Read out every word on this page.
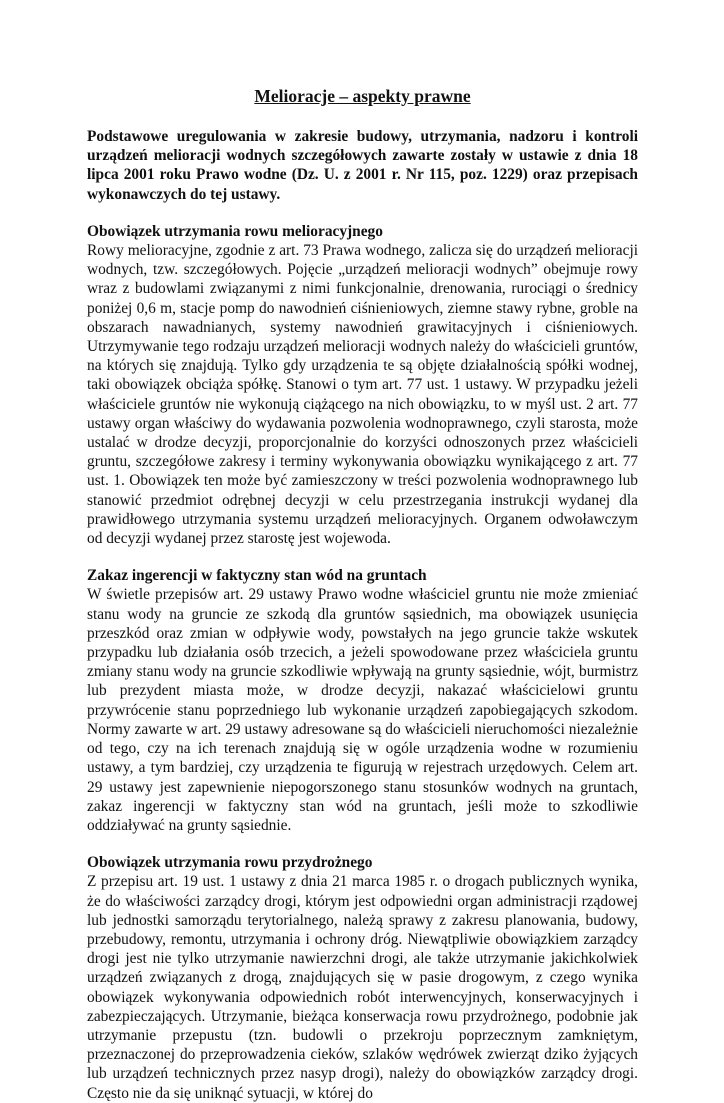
Melioracje – aspekty prawne

Podstawowe uregulowania w zakresie budowy, utrzymania, nadzoru i kontroli urządzeń melioracji wodnych szczegółowych zawarte zostały w ustawie z dnia 18 lipca 2001 roku Prawo wodne (Dz. U. z 2001 r. Nr 115, poz. 1229) oraz przepisach wykonawczych do tej ustawy.

Obowiązek utrzymania rowu melioracyjnego

Rowy melioracyjne, zgodnie z art. 73 Prawa wodnego, zalicza się do urządzeń melioracji wodnych, tzw. szczegółowych. Pojęcie „urządzeń melioracji wodnych” obejmuje rowy wraz z budowlami związanymi z nimi funkcjonalnie, drenowania, rurociągi o średnicy poniżej 0,6 m, stacje pomp do nawodnień ciśnieniowych, ziemne stawy rybne, groble na obszarach nawadnianych, systemy nawodnień grawitacyjnych i ciśnieniowych. Utrzymywanie tego rodzaju urządzeń melioracji wodnych należy do właścicieli gruntów, na których się znajdują. Tylko gdy urządzenia te są objęte działalnością spółki wodnej, taki obowiązek obciąża spółkę. Stanowi o tym art. 77 ust. 1 ustawy. W przypadku jeżeli właściciele gruntów nie wykonują ciążącego na nich obowiązku, to w myśl ust. 2 art. 77 ustawy organ właściwy do wydawania pozwolenia wodnoprawnego, czyli starosta, może ustalać w drodze decyzji, proporcjonalnie do korzyści odnoszonych przez właścicieli gruntu, szczegółowe zakresy i terminy wykonywania obowiązku wynikającego z art. 77 ust. 1. Obowiązek ten może być zamieszczony w treści pozwolenia wodnoprawnego lub stanowić przedmiot odrębnej decyzji w celu przestrzegania instrukcji wydanej dla prawidłowego utrzymania systemu urządzeń melioracyjnych. Organem odwoławczym od decyzji wydanej przez starostę jest wojewoda.

Zakaz ingerencji w faktyczny stan wód na gruntach

W świetle przepisów art. 29 ustawy Prawo wodne właściciel gruntu nie może zmieniać stanu wody na gruncie ze szkodą dla gruntów sąsiednich, ma obowiązek usunięcia przeszkód oraz zmian w odpływie wody, powstałych na jego gruncie także wskutek przypadku lub działania osób trzecich, a jeżeli spowodowane przez właściciela gruntu zmiany stanu wody na gruncie szkodliwie wpływają na grunty sąsiednie, wójt, burmistrz lub prezydent miasta może, w drodze decyzji, nakazać właścicielowi gruntu przywrócenie stanu poprzedniego lub wykonanie urządzeń zapobiegających szkodom. Normy zawarte w art. 29 ustawy adresowane są do właścicieli nieruchomości niezależnie od tego, czy na ich terenach znajdują się w ogóle urządzenia wodne w rozumieniu ustawy, a tym bardziej, czy urządzenia te figurują w rejestrach urzędowych. Celem art. 29 ustawy jest zapewnienie niepogorszonego stanu stosunków wodnych na gruntach, zakaz ingerencji w faktyczny stan wód na gruntach, jeśli może to szkodliwie oddziaływać na grunty sąsiednie.

Obowiązek utrzymania rowu przydrożnego

Z przepisu art. 19 ust. 1 ustawy z dnia 21 marca 1985 r. o drogach publicznych wynika, że do właściwości zarządcy drogi, którym jest odpowiedni organ administracji rządowej lub jednostki samorządu terytorialnego, należą sprawy z zakresu planowania, budowy, przebudowy, remontu, utrzymania i ochrony dróg. Niewątpliwie obowiązkiem zarządcy drogi jest nie tylko utrzymanie nawierzchni drogi, ale także utrzymanie jakichkolwiek urządzeń związanych z drogą, znajdujących się w pasie drogowym, z czego wynika obowiązek wykonywania odpowiednich robót interwencyjnych, konserwacyjnych i zabezpieczających. Utrzymanie, bieżąca konserwacja rowu przydrożnego, podobnie jak utrzymanie przepustu (tzn. budowli o przekroju poprzecznym zamkniętym, przeznaczonej do przeprowadzenia cieków, szlaków wędrówek zwierząt dziko żyjących lub urządzeń technicznych przez nasyp drogi), należy do obowiązków zarządcy drogi. Często nie da się uniknąć sytuacji, w której do
